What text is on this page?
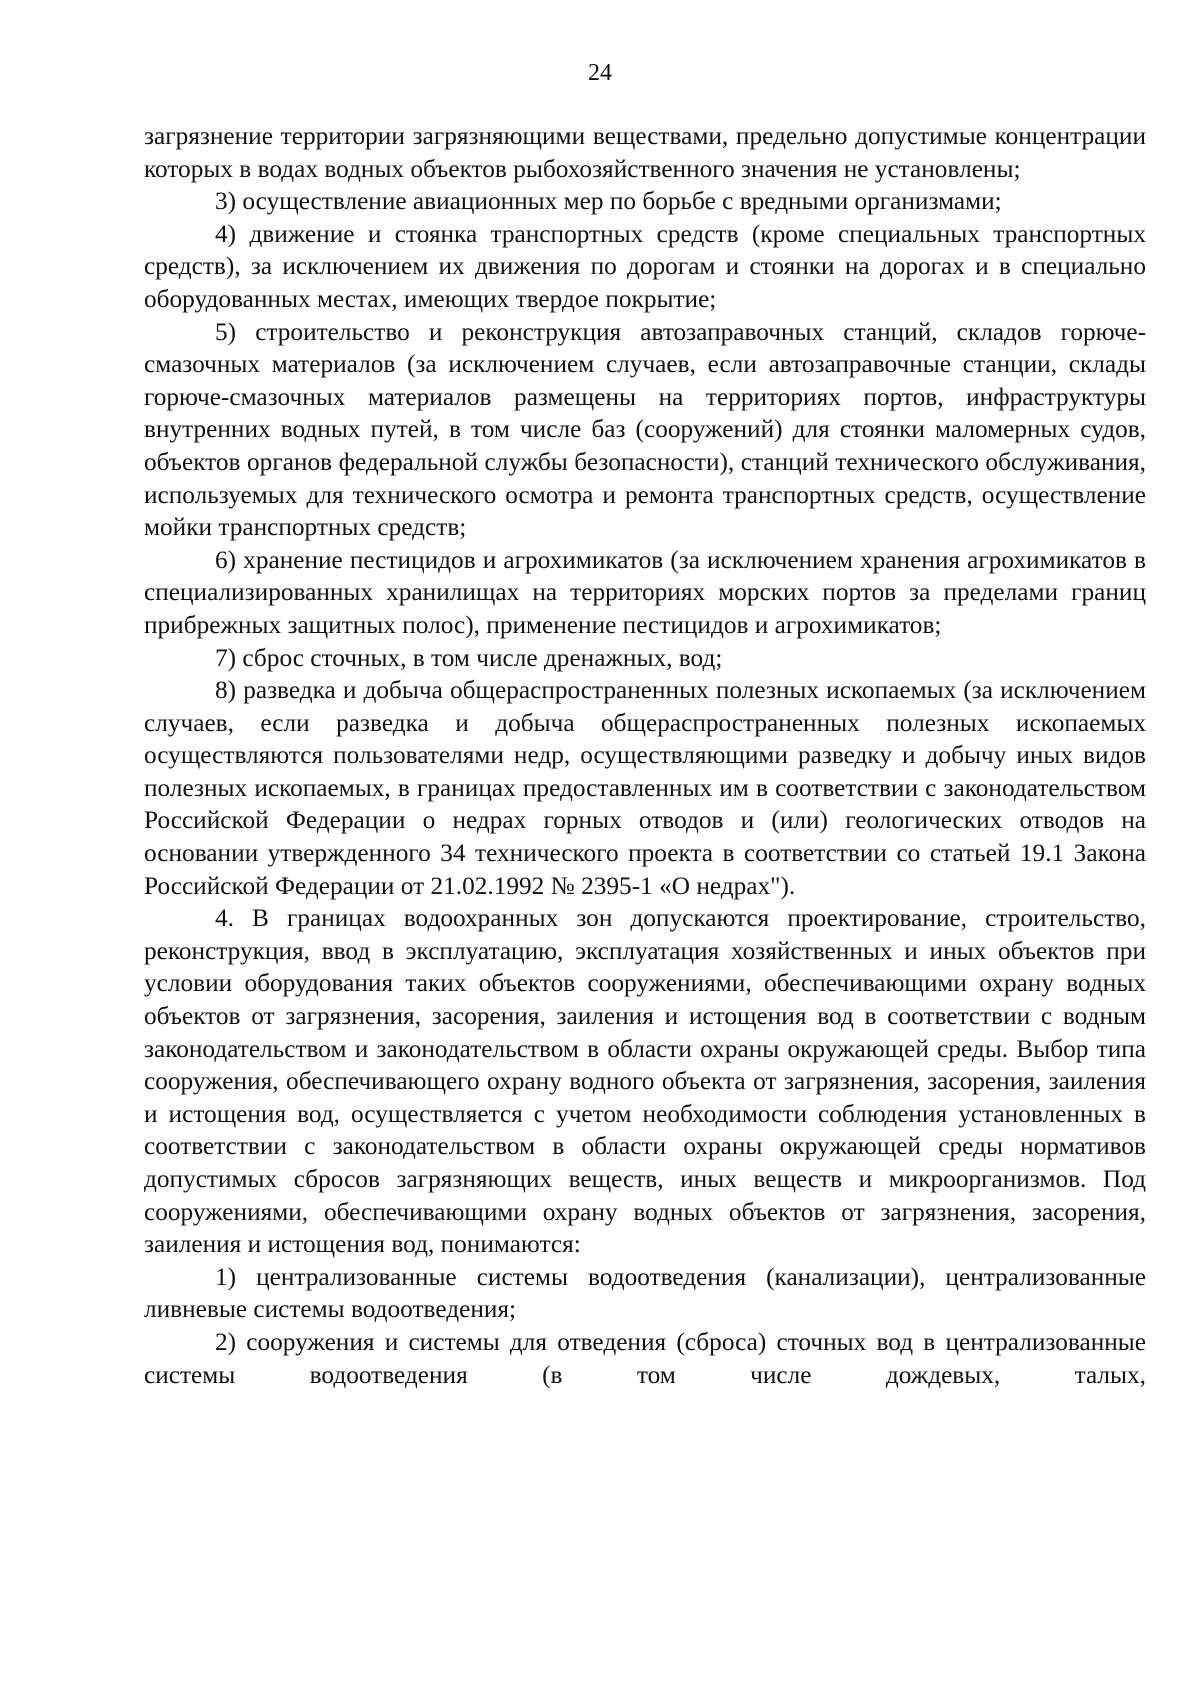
24

загрязнение территории загрязняющими веществами, предельно допустимые концентрации которых в водах водных объектов рыбохозяйственного значения не установлены;

3) осуществление авиационных мер по борьбе с вредными организмами;

4) движение и стоянка транспортных средств (кроме специальных транспортных средств), за исключением их движения по дорогам и стоянки на дорогах и в специально оборудованных местах, имеющих твердое покрытие;

5) строительство и реконструкция автозаправочных станций, складов горюче-смазочных материалов (за исключением случаев, если автозаправочные станции, склады горюче-смазочных материалов размещены на территориях портов, инфраструктуры внутренних водных путей, в том числе баз (сооружений) для стоянки маломерных судов, объектов органов федеральной службы безопасности), станций технического обслуживания, используемых для технического осмотра и ремонта транспортных средств, осуществление мойки транспортных средств;

6) хранение пестицидов и агрохимикатов (за исключением хранения агрохимикатов в специализированных хранилищах на территориях морских портов за пределами границ прибрежных защитных полос), применение пестицидов и агрохимикатов;

7) сброс сточных, в том числе дренажных, вод;

8) разведка и добыча общераспространенных полезных ископаемых (за исключением случаев, если разведка и добыча общераспространенных полезных ископаемых осуществляются пользователями недр, осуществляющими разведку и добычу иных видов полезных ископаемых, в границах предоставленных им в соответствии с законодательством Российской Федерации о недрах горных отводов и (или) геологических отводов на основании утвержденного 34 технического проекта в соответствии со статьей 19.1 Закона Российской Федерации от 21.02.1992 № 2395-1 «О недрах").

4. В границах водоохранных зон допускаются проектирование, строительство, реконструкция, ввод в эксплуатацию, эксплуатация хозяйственных и иных объектов при условии оборудования таких объектов сооружениями, обеспечивающими охрану водных объектов от загрязнения, засорения, заиления и истощения вод в соответствии с водным законодательством и законодательством в области охраны окружающей среды. Выбор типа сооружения, обеспечивающего охрану водного объекта от загрязнения, засорения, заиления и истощения вод, осуществляется с учетом необходимости соблюдения установленных в соответствии с законодательством в области охраны окружающей среды нормативов допустимых сбросов загрязняющих веществ, иных веществ и микроорганизмов. Под сооружениями, обеспечивающими охрану водных объектов от загрязнения, засорения, заиления и истощения вод, понимаются:

1) централизованные системы водоотведения (канализации), централизованные ливневые системы водоотведения;

2) сооружения и системы для отведения (сброса) сточных вод в централизованные системы водоотведения (в том числе дождевых, талых,
